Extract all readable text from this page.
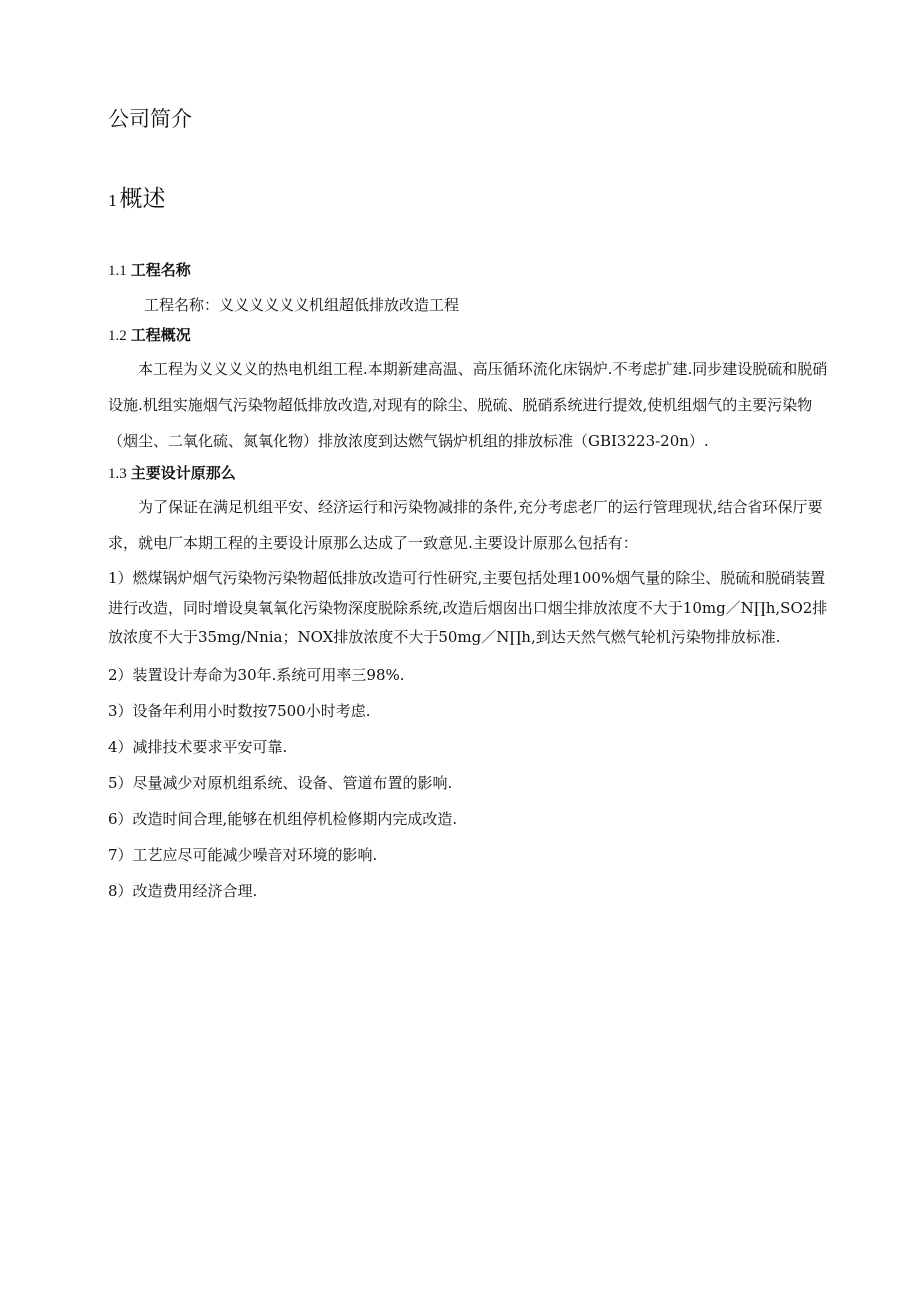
公司简介
1概述
1.1 工程名称

工程名称：义义义义义义机组超低排放改造工程

1.2 工程概况

本工程为义义义义的热电机组工程.本期新建高温、高压循环流化床锅炉.不考虑扩建.同步建设脱硫和脱硝设施.机组实施烟气污染物超低排放改造,对现有的除尘、脱硫、脱硝系统进行提效,使机组烟气的主要污染物（烟尘、二氧化硫、氮氧化物）排放浓度到达燃气锅炉机组的排放标准（GBI3223-20n）.

1.3 主要设计原那么

为了保证在满足机组平安、经济运行和污染物减排的条件,充分考虑老厂的运行管理现状,结合省环保厅要求，就电厂本期工程的主要设计原那么达成了一致意见.主要设计原那么包括有：

1）燃煤锅炉烟气污染物污染物超低排放改造可行性研究,主要包括处理100%烟气量的除尘、脱硫和脱硝装置进行改造，同时增设臭氧氧化污染物深度脱除系统,改造后烟囱出口烟尘排放浓度不大于10mg／N∏h,SO2排放浓度不大于35mg/Nnia；NOX排放浓度不大于50mg／N∏h,到达天然气燃气轮机污染物排放标准.

2）装置设计寿命为30年.系统可用率三98%.

3）设备年利用小时数按7500小时考虑.

4）减排技术要求平安可靠.

5）尽量减少对原机组系统、设备、管道布置的影响.

6）改造时间合理,能够在机组停机检修期内完成改造.

7）工艺应尽可能减少噪音对环境的影响.

8）改造费用经济合理.
